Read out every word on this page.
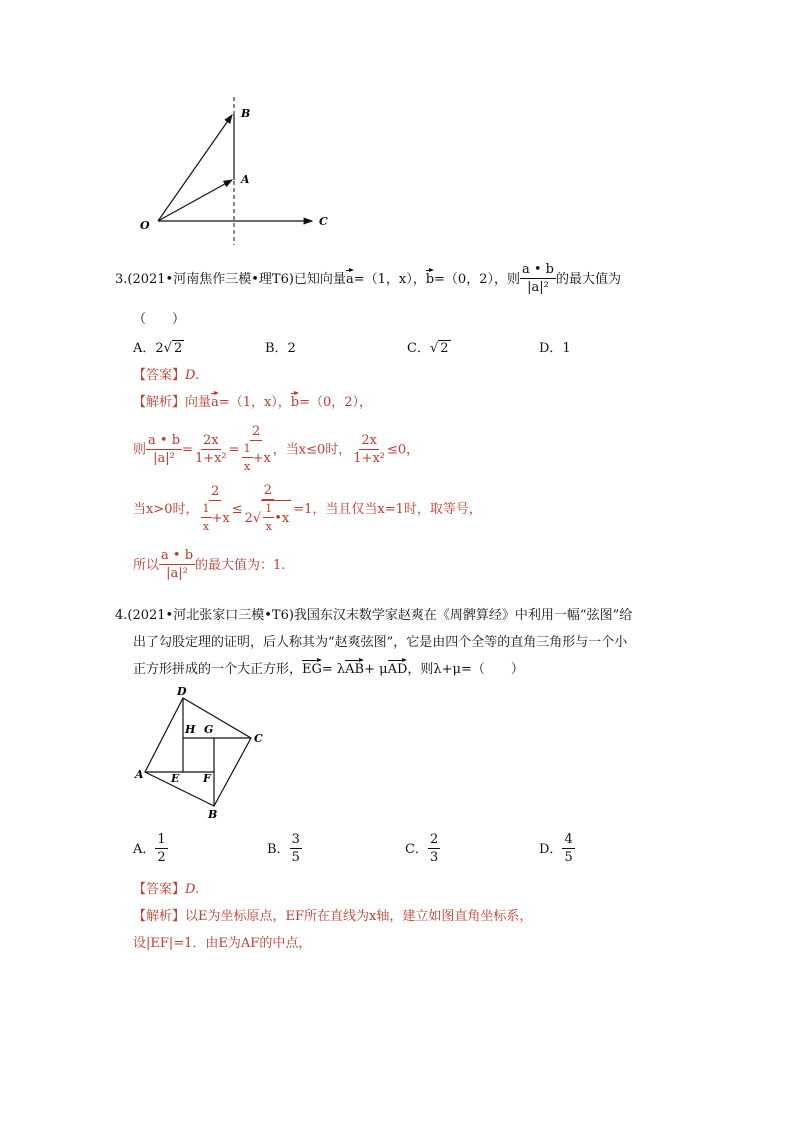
B
A
O	C
3.(2021•河南焦作三模•理T6)已知向量a=（1，x），b=（0，2），则 $\frac{a • b}{\text{|a|²}}$ 的最大值为
（　　）
A．2√ 2	B．2	C．√ 2	D．1
【答案】D.
【解析】向量a=（1，x），b=（0，2），
则 $\frac{a • b}{\text{|a|²}} = \frac{2x}{\text{1+x²}} = \frac{2}{\frac{1}{x} +x}$ ，当x≤0时， $\frac{2x}{\text{1+x²}} \le 0$，
当x>0时， $\frac{2}{\frac{1}{x} +x} \le \frac{2}{2√ \frac{1}{x} •x} =1$，当且仅当x=1时，取等号，
所以 $\frac{a • b}{\text{|a|²}}$ 的最大值为：1.
4.(2021•河北张家口三模•T6)我国东汉末数学家赵爽在《周髀算经》中利用一幅“弦图”给
出了勾股定理的证明，后人称其为“赵爽弦图”，它是由四个全等的直角三角形与一个小
正方形拼成的一个大正方形，EG= λAB+ μAD，则λ+μ=（　　）
D
H G
C
A E F
B
A． $\frac{1}{2}$	B． $\frac{3}{5}$	C． $\frac{2}{3}$	D． $\frac{4}{5}$
【答案】D.
【解析】以E为坐标原点，EF所在直线为x轴，建立如图直角坐标系，
设|EF|=1．由E为AF的中点，
